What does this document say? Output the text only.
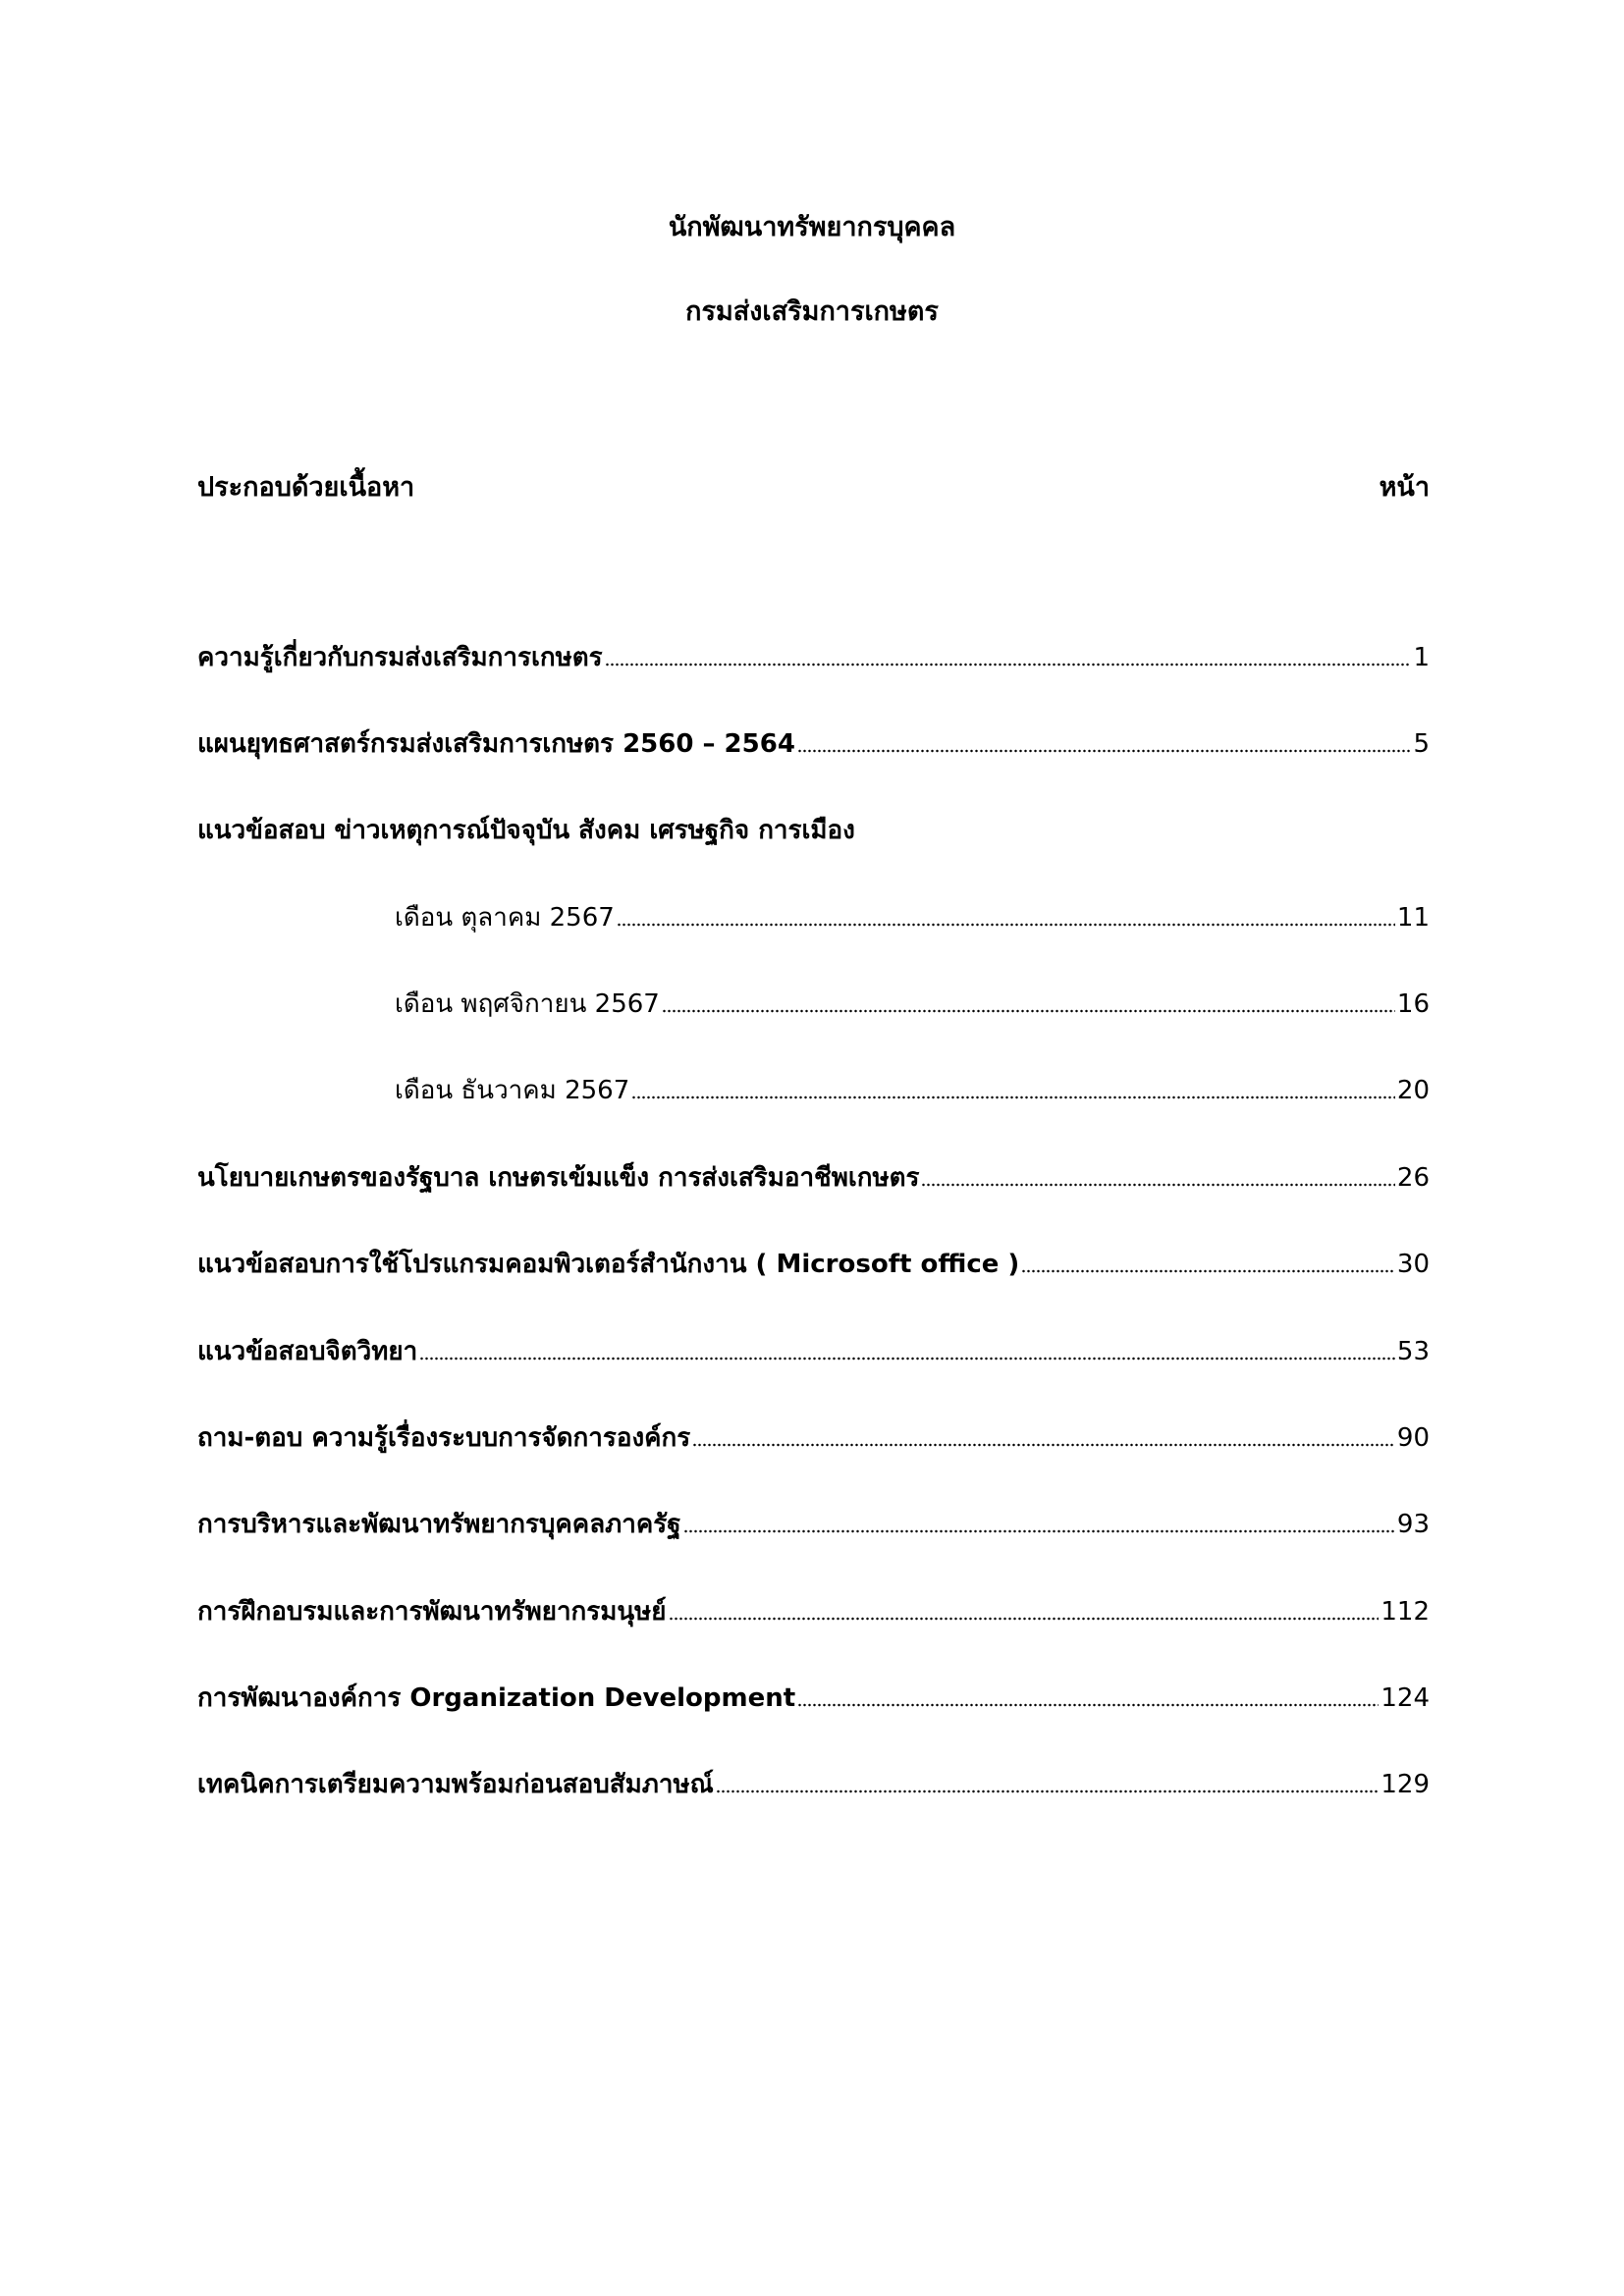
นักพัฒนาทรัพยากรบุคคล
กรมส่งเสริมการเกษตร
ประกอบด้วยเนื้อหา	หน้า
ความรู้เกี่ยวกับกรมส่งเสริมการเกษตร	1
แผนยุทธศาสตร์กรมส่งเสริมการเกษตร 2560 – 2564	5
แนวข้อสอบ ข่าวเหตุการณ์ปัจจุบัน สังคม เศรษฐกิจ การเมือง
เดือน ตุลาคม 2567	11
เดือน พฤศจิกายน 2567	16
เดือน ธันวาคม 2567	20
นโยบายเกษตรของรัฐบาล เกษตรเข้มแข็ง การส่งเสริมอาชีพเกษตร	26
แนวข้อสอบการใช้โปรแกรมคอมพิวเตอร์สำนักงาน ( Microsoft office )	30
แนวข้อสอบจิตวิทยา	53
ถาม-ตอบ ความรู้เรื่องระบบการจัดการองค์กร	90
การบริหารและพัฒนาทรัพยากรบุคคลภาครัฐ	93
การฝึกอบรมและการพัฒนาทรัพยากรมนุษย์	112
การพัฒนาองค์การ Organization Development	124
เทคนิคการเตรียมความพร้อมก่อนสอบสัมภาษณ์	129
